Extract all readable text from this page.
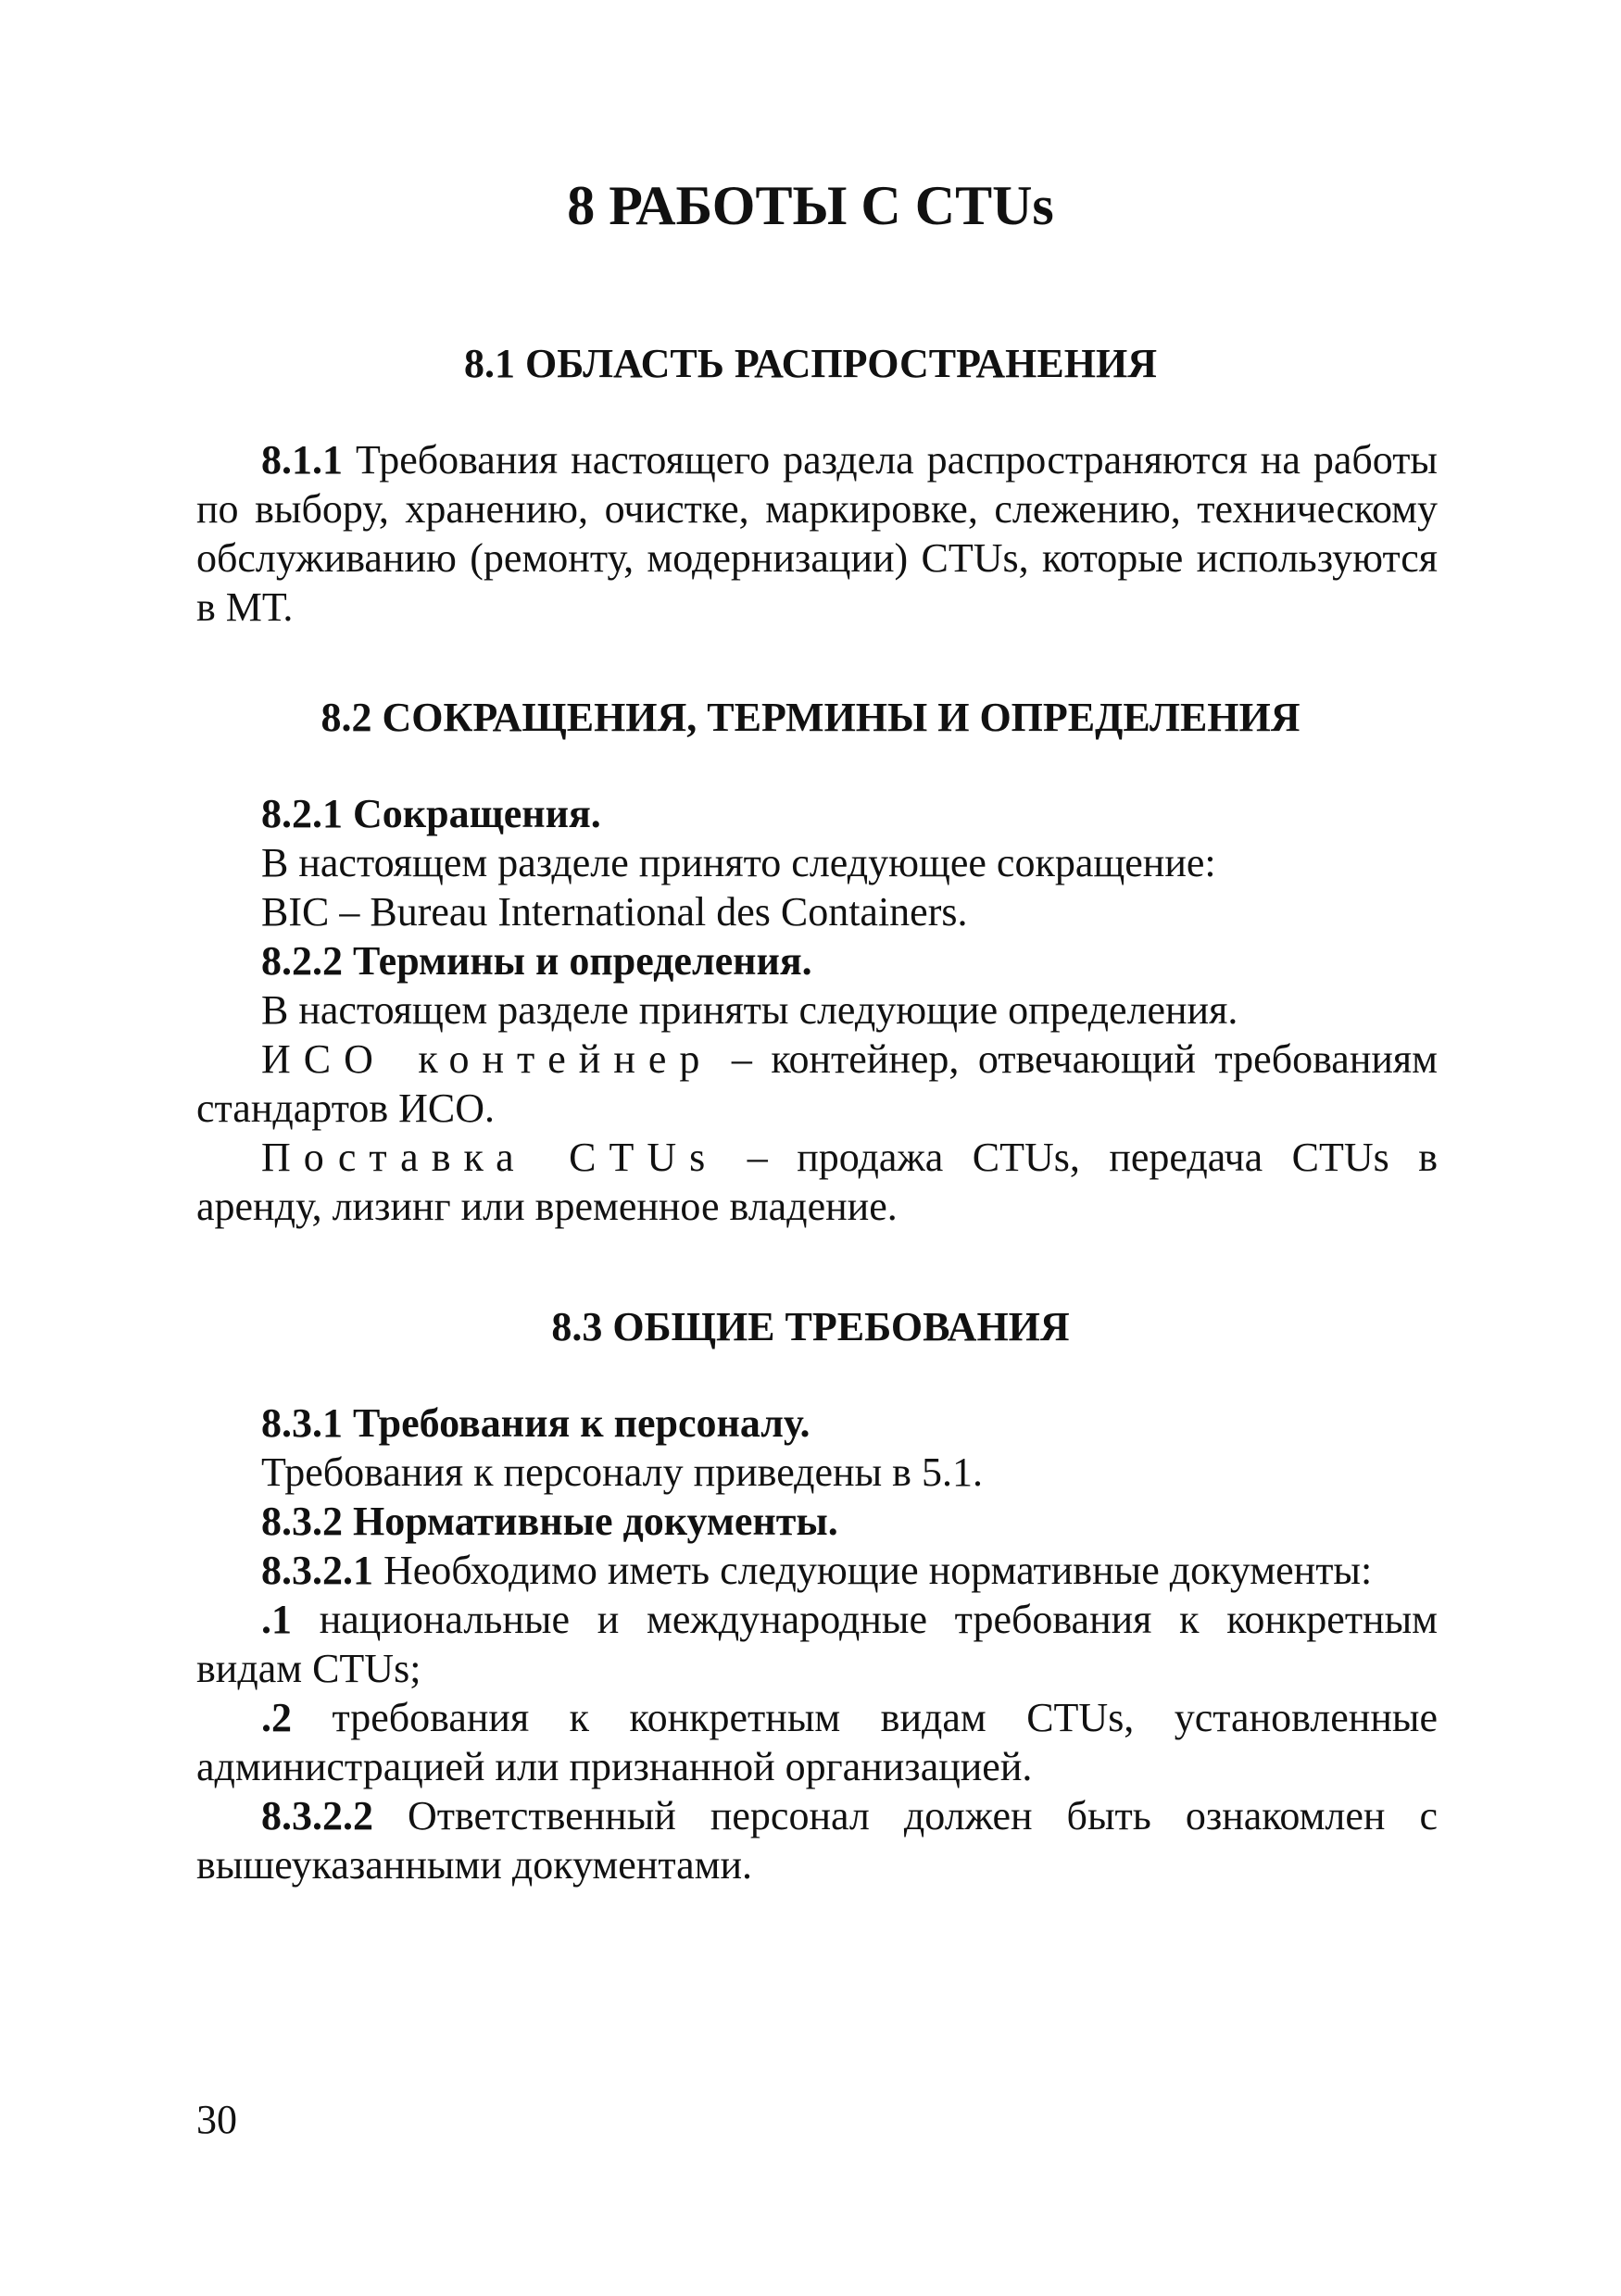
8 РАБОТЫ С CTUs
8.1 ОБЛАСТЬ РАСПРОСТРАНЕНИЯ

8.1.1 Требования настоящего раздела распространяются на работы по выбору, хранению, очистке, маркировке, слежению, техническому обслуживанию (ремонту, модернизации) CTUs, которые используются в МТ.

8.2 СОКРАЩЕНИЯ, ТЕРМИНЫ И ОПРЕДЕЛЕНИЯ

8.2.1 Сокращения.

В настоящем разделе принято следующее сокращение:

BIC – Bureau International des Containers.

8.2.2 Термины и определения.

В настоящем разделе приняты следующие определения.

ИСО контейнер – контейнер, отвечающий требованиям стандартов ИСО.

Поставка CTUs – продажа CTUs, передача CTUs в аренду, лизинг или временное владение.

8.3 ОБЩИЕ ТРЕБОВАНИЯ

8.3.1 Требования к персоналу.

Требования к персоналу приведены в 5.1.

8.3.2 Нормативные документы.

8.3.2.1 Необходимо иметь следующие нормативные документы:

.1 национальные и международные требования к конкретным видам CTUs;

.2 требования к конкретным видам CTUs, установленные администрацией или признанной организацией.

8.3.2.2 Ответственный персонал должен быть ознакомлен с вышеуказанными документами.

30
